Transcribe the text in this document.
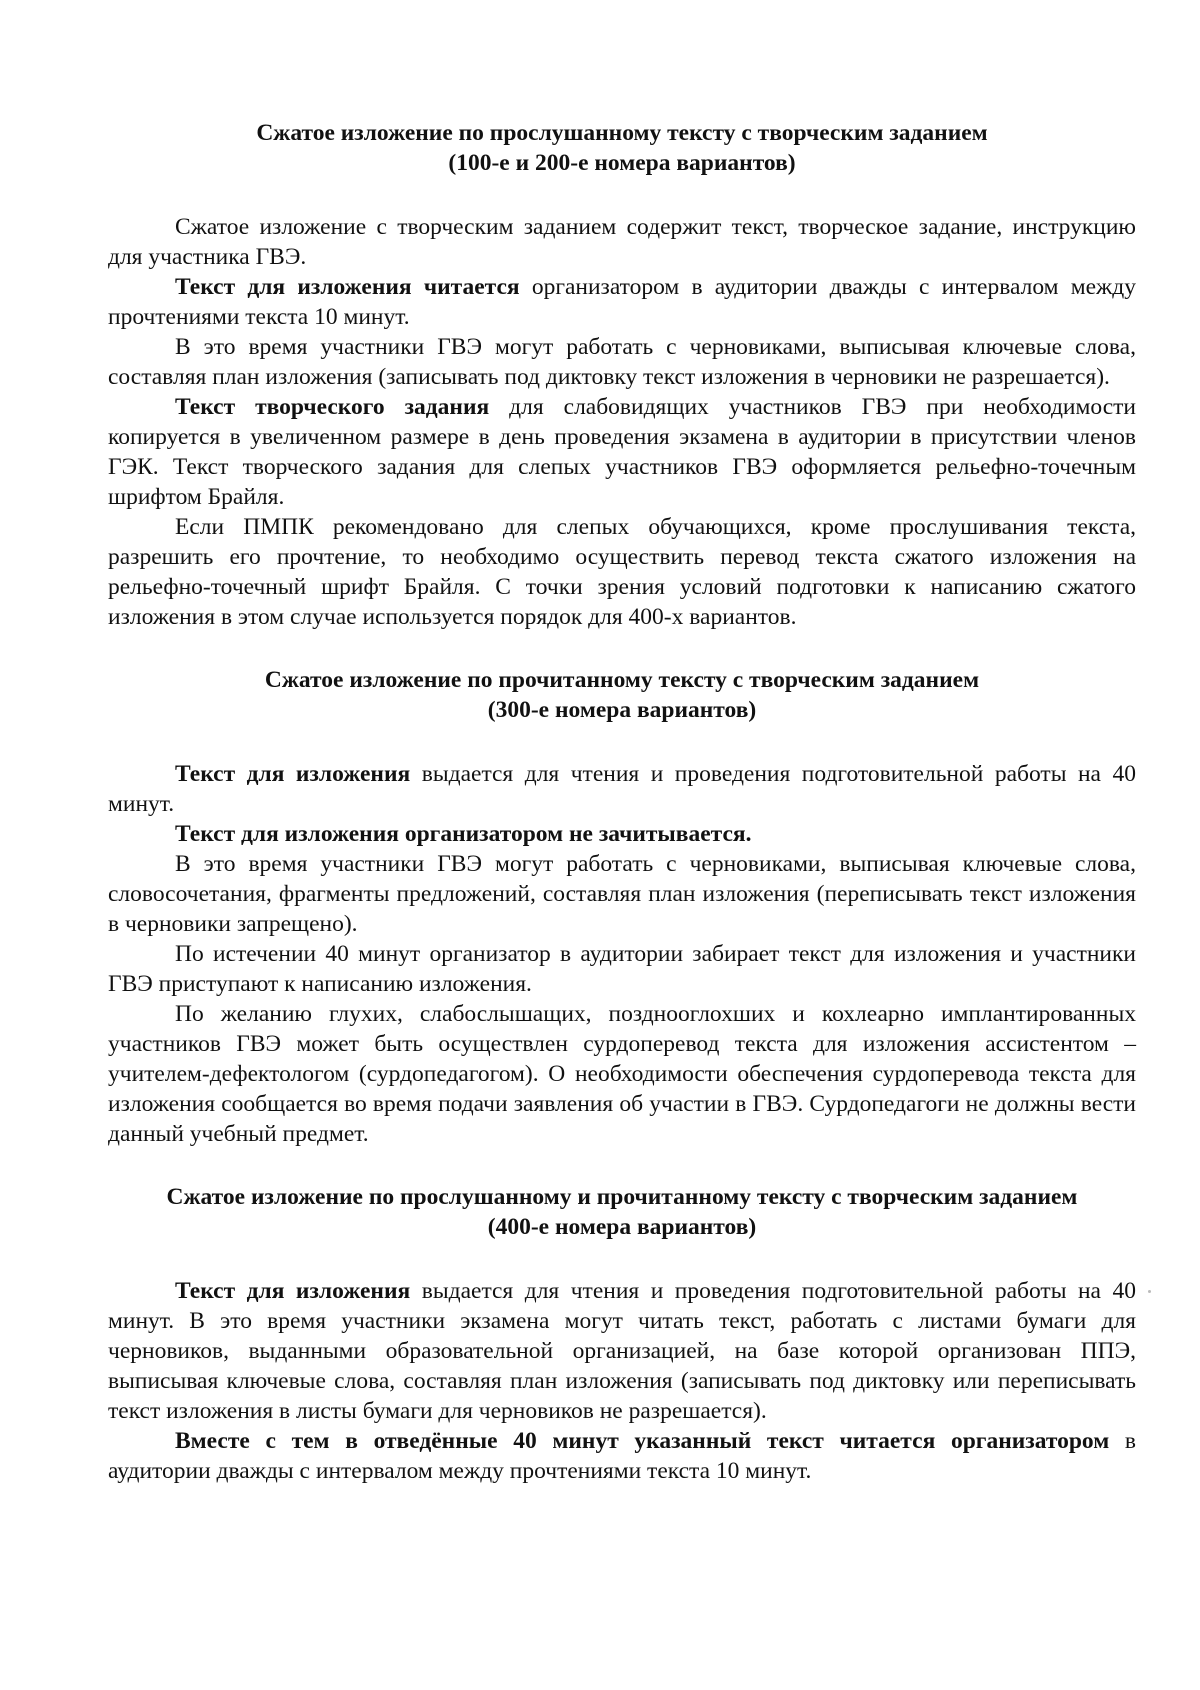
Сжатое изложение по прослушанному тексту с творческим заданием
(100-е и 200-е номера вариантов)

Сжатое изложение с творческим заданием содержит текст, творческое задание, инструкцию для участника ГВЭ.

Текст для изложения читается организатором в аудитории дважды с интервалом между прочтениями текста 10 минут.

В это время участники ГВЭ могут работать с черновиками, выписывая ключевые слова, составляя план изложения (записывать под диктовку текст изложения в черновики не разрешается).

Текст творческого задания для слабовидящих участников ГВЭ при необходимости копируется в увеличенном размере в день проведения экзамена в аудитории в присутствии членов ГЭК. Текст творческого задания для слепых участников ГВЭ оформляется рельефно-точечным шрифтом Брайля.

Если ПМПК рекомендовано для слепых обучающихся, кроме прослушивания текста, разрешить его прочтение, то необходимо осуществить перевод текста сжатого изложения на рельефно-точечный шрифт Брайля. С точки зрения условий подготовки к написанию сжатого изложения в этом случае используется порядок для 400-х вариантов.

Сжатое изложение по прочитанному тексту с творческим заданием
(300-е номера вариантов)

Текст для изложения выдается для чтения и проведения подготовительной работы на 40 минут.

Текст для изложения организатором не зачитывается.

В это время участники ГВЭ могут работать с черновиками, выписывая ключевые слова, словосочетания, фрагменты предложений, составляя план изложения (переписывать текст изложения в черновики запрещено).

По истечении 40 минут организатор в аудитории забирает текст для изложения и участники ГВЭ приступают к написанию изложения.

По желанию глухих, слабослышащих, позднооглохших и кохлеарно имплантированных участников ГВЭ может быть осуществлен сурдоперевод текста для изложения ассистентом – учителем-дефектологом (сурдопедагогом). О необходимости обеспечения сурдоперевода текста для изложения сообщается во время подачи заявления об участии в ГВЭ. Сурдопедагоги не должны вести данный учебный предмет.

Сжатое изложение по прослушанному и прочитанному тексту с творческим заданием
(400-е номера вариантов)

Текст для изложения выдается для чтения и проведения подготовительной работы на 40 минут. В это время участники экзамена могут читать текст, работать с листами бумаги для черновиков, выданными образовательной организацией, на базе которой организован ППЭ, выписывая ключевые слова, составляя план изложения (записывать под диктовку или переписывать текст изложения в листы бумаги для черновиков не разрешается).

Вместе с тем в отведённые 40 минут указанный текст читается организатором в аудитории дважды с интервалом между прочтениями текста 10 минут.
